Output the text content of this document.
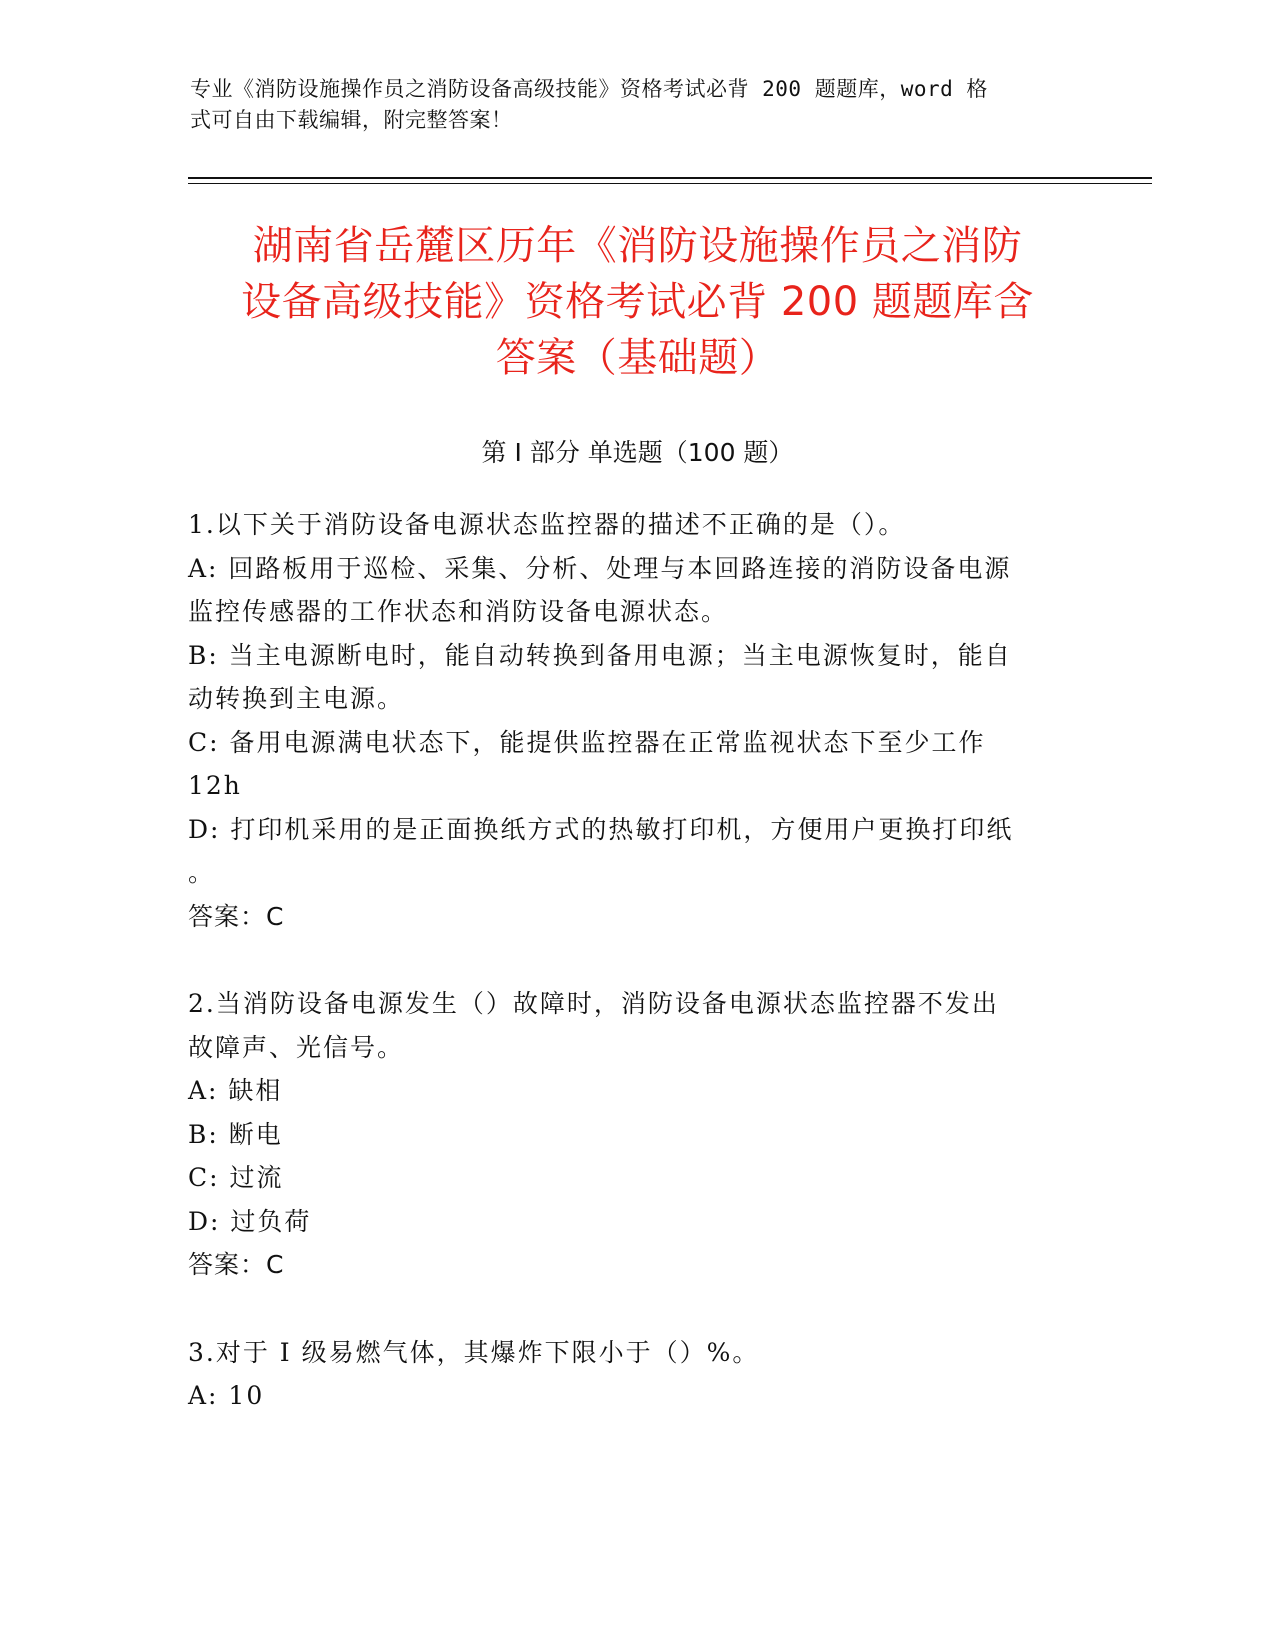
专业《消防设施操作员之消防设备高级技能》资格考试必背 200 题题库，word 格
式可自由下载编辑，附完整答案！
湖南省岳麓区历年《消防设施操作员之消防
设备高级技能》资格考试必背 200 题题库含
答案（基础题）
第 I 部分 单选题（100 题）
1.以下关于消防设备电源状态监控器的描述不正确的是（）。
A: 回路板用于巡检、采集、分析、处理与本回路连接的消防设备电源
监控传感器的工作状态和消防设备电源状态。
B: 当主电源断电时，能自动转换到备用电源；当主电源恢复时，能自
动转换到主电源。
C: 备用电源满电状态下，能提供监控器在正常监视状态下至少工作
12h
D: 打印机采用的是正面换纸方式的热敏打印机，方便用户更换打印纸
。
答案：C
2.当消防设备电源发生（）故障时，消防设备电源状态监控器不发出
故障声、光信号。
A: 缺相
B: 断电
C: 过流
D: 过负荷
答案：C
3.对于 I 级易燃气体，其爆炸下限小于（）%。
A: 10
